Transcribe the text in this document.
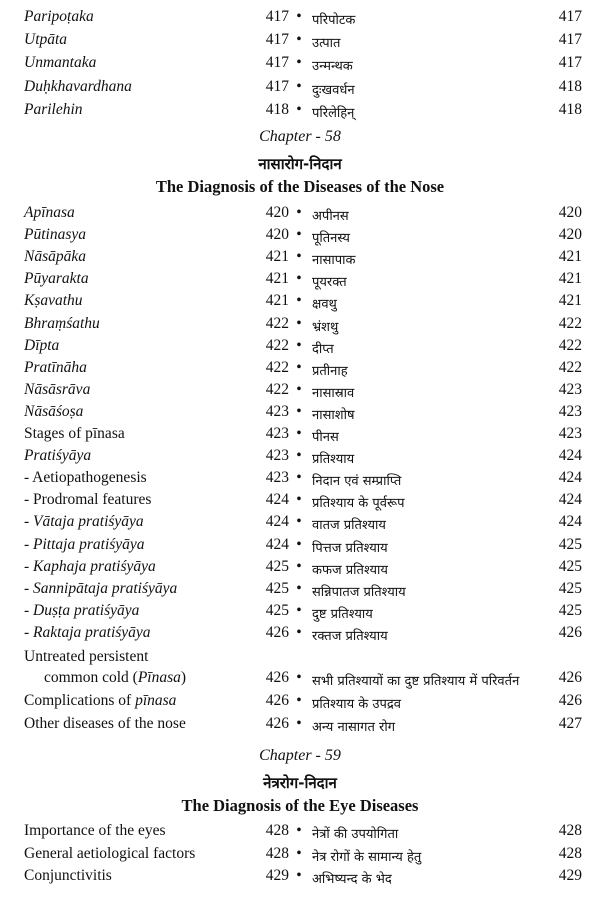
Paripoṭaka	417 • परिपोटक	417
Utpāta	417 • उत्पात	417
Unmantaka	417 • उन्मन्थक	417
Duḥkhavardhana	417 • दुःखवर्धन	418
Parilehin	418 • परिलेहिन्	418
Chapter - 58
नासारोग-निदान
The Diagnosis of the Diseases of the Nose
Apīnasa	420 • अपीनस	420
Pūtinasya	420 • पूतिनस्य	420
Nāsāpāka	421 • नासापाक	421
Pūyarakta	421 • पूयरक्त	421
Kṣavathu	421 • क्षवथु	421
Bhraṃśathu	422 • भ्रंशथु	422
Dīpta	422 • दीप्त	422
Pratīnāha	422 • प्रतीनाह	422
Nāsāsrāva	422 • नासास्राव	423
Nāsāśoṣa	423 • नासाशोष	423
Stages of pīnasa	423 • पीनस	423
Pratiśyāya	423 • प्रतिश्याय	424
- Aetiopathogenesis	423 • निदान एवं सम्प्राप्ति	424
- Prodromal features	424 • प्रतिश्याय के पूर्वरूप	424
- Vātaja pratiśyāya	424 • वातज प्रतिश्याय	424
- Pittaja pratiśyāya	424 • पित्तज प्रतिश्याय	425
- Kaphaja pratiśyāya	425 • कफज प्रतिश्याय	425
- Sannipātaja pratiśyāya	425 • सन्निपातज प्रतिश्याय	425
- Duṣṭa pratiśyāya	425 • दुष्ट प्रतिश्याय	425
- Raktaja pratiśyāya	426 • रक्तज प्रतिश्याय	426
Untreated persistent
common cold (Pīnasa)	426 • सभी प्रतिश्यायों का दुष्ट प्रतिश्याय में परिवर्तन	426
Complications of pīnasa	426 • प्रतिश्याय के उपद्रव	426
Other diseases of the nose	426 • अन्य नासागत रोग	427
Chapter - 59
नेत्ररोग-निदान
The Diagnosis of the Eye Diseases
Importance of the eyes	428 • नेत्रों की उपयोगिता	428
General aetiological factors	428 • नेत्र रोगों के सामान्य हेतु	428
Conjunctivitis	429 • अभिष्यन्द के भेद	429
